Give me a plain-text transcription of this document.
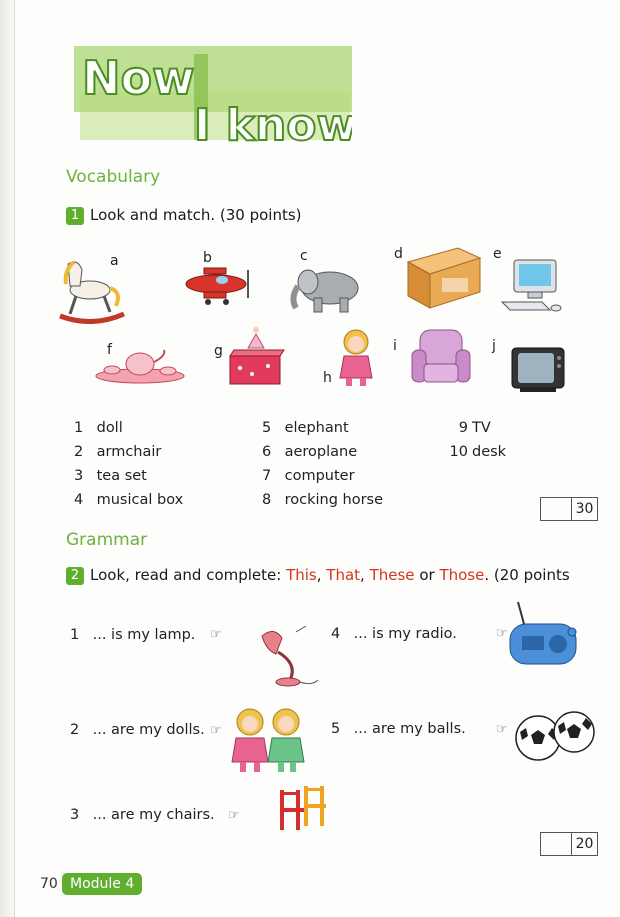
Now
I know
Vocabulary
1 Look and match. (30 points)
a	b	c	d	e
f	g
h
i	j
1 doll
2 armchair
3 tea set
4 musical box
5 elephant
6 aeroplane
7 computer
8 rocking horse
9 TV
10 desk
30
Grammar
2 Look, read and complete: This, That, These or Those. (20 points
1 ... is my lamp.
2 ... are my dolls.
3 ... are my chairs.
4 ... is my radio.
5 ... are my balls.
☞
☞
☞
☞
☞
20
70 Module 4
